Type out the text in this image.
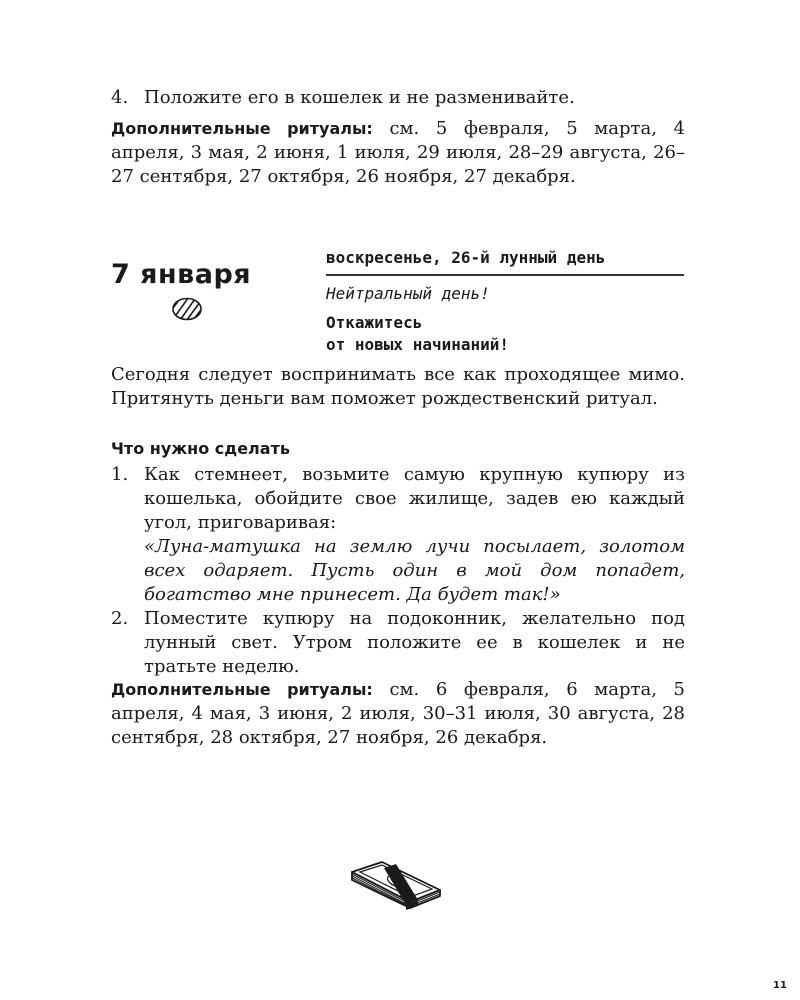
4. Положите его в кошелек и не разменивайте.
Дополнительные ритуалы: см. 5 февраля, 5 марта, 4 апреля, 3 мая, 2 июня, 1 июля, 29 июля, 28–29 августа, 26–27 сентября, 27 октября, 26 ноября, 27 декабря.
7 января
воскресенье, 26-й лунный день
Нейтральный день!
Откажитесь
от новых начинаний!
Сегодня следует воспринимать все как проходящее мимо. Притянуть деньги вам поможет рождественский ритуал.
Что нужно сделать
1. Как стемнеет, возьмите самую крупную купюру из кошелька, обойдите свое жилище, задев ею каждый угол, приговаривая:
«Луна-матушка на землю лучи посылает, золотом всех одаряет. Пусть один в мой дом попадет, богатство мне принесет. Да будет так!»
2. Поместите купюру на подоконник, желательно под лунный свет. Утром положите ее в кошелек и не тратьте неделю.
Дополнительные ритуалы: см. 6 февраля, 6 марта, 5 апреля, 4 мая, 3 июня, 2 июля, 30–31 июля, 30 августа, 28 сентября, 28 октября, 27 ноября, 26 декабря.
11
